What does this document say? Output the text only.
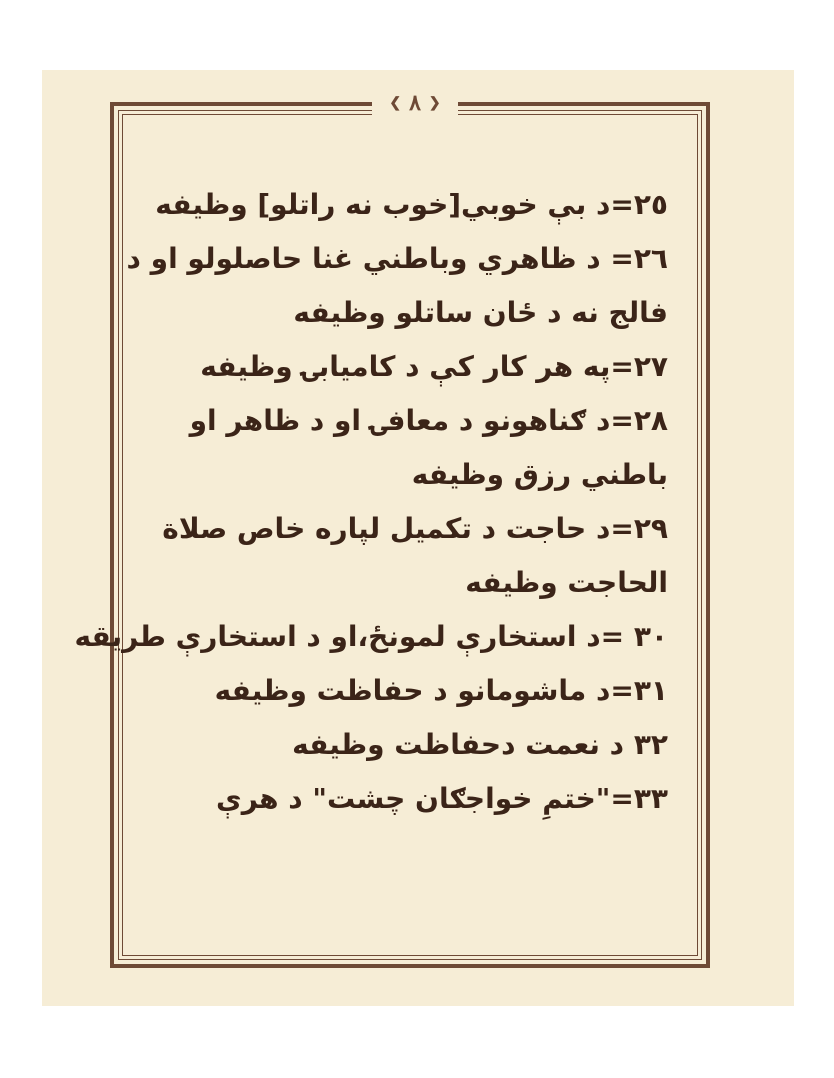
❮ ٨ ❯
٢٥=د بې خوبي[خوب نه راتلو] وظيفه
٢٦= د ظاهري وباطني غنا حاصلولو او د
فالج نه د ځان ساتلو وظيفه
٢٧=په هر کار کې د کاميابۍ وظيفه
٢٨=د ګناهونو د معافۍ او د ظاهر او
باطني رزق وظيفه
٢٩=د حاجت د تکميل لپاره خاص صلاة
الحاجت وظيفه
٣٠ =د استخارې لمونځ،او د استخارې طريقه
٣١=د ماشومانو د حفاظت وظيفه
٣٢ د نعمت دحفاظت وظيفه
٣٣="ختمِ خواجګان چشت" د هرې
